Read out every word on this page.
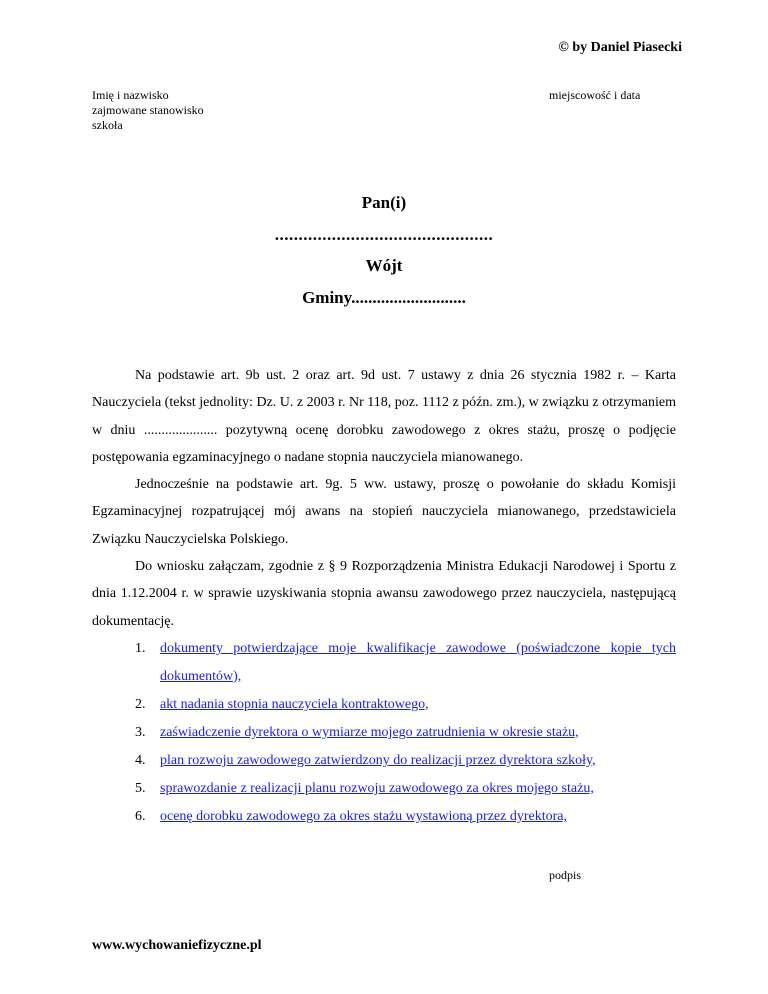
© by Daniel Piasecki
Imię i nazwisko
zajmowane stanowisko
szkoła
miejscowość i data
Pan(i)
..............................................
Wójt
Gminy...........................

Na podstawie art. 9b ust. 2 oraz art. 9d ust. 7 ustawy z dnia 26 stycznia 1982 r. – Karta Nauczyciela (tekst jednolity: Dz. U. z 2003 r. Nr 118, poz. 1112 z późn. zm.), w związku z otrzymaniem w dniu ..................... pozytywną ocenę dorobku zawodowego z okres stażu, proszę o podjęcie postępowania egzaminacyjnego o nadane stopnia nauczyciela mianowanego.

Jednocześnie na podstawie art. 9g. 5 ww. ustawy, proszę o powołanie do składu Komisji Egzaminacyjnej rozpatrującej mój awans na stopień nauczyciela mianowanego, przedstawiciela Związku Nauczycielska Polskiego.

Do wniosku załączam, zgodnie z § 9 Rozporządzenia Ministra Edukacji Narodowej i Sportu z dnia 1.12.2004 r. w sprawie uzyskiwania stopnia awansu zawodowego przez nauczyciela, następującą dokumentację.

1. dokumenty potwierdzające moje kwalifikacje zawodowe (poświadczone kopie tych dokumentów),
2. akt nadania stopnia nauczyciela kontraktowego,
3. zaświadczenie dyrektora o wymiarze mojego zatrudnienia w okresie stażu,
4. plan rozwoju zawodowego zatwierdzony do realizacji przez dyrektora szkoły,
5. sprawozdanie z realizacji planu rozwoju zawodowego za okres mojego stażu,
6. ocenę dorobku zawodowego za okres stażu wystawioną przez dyrektora,
podpis
www.wychowaniefizyczne.pl
